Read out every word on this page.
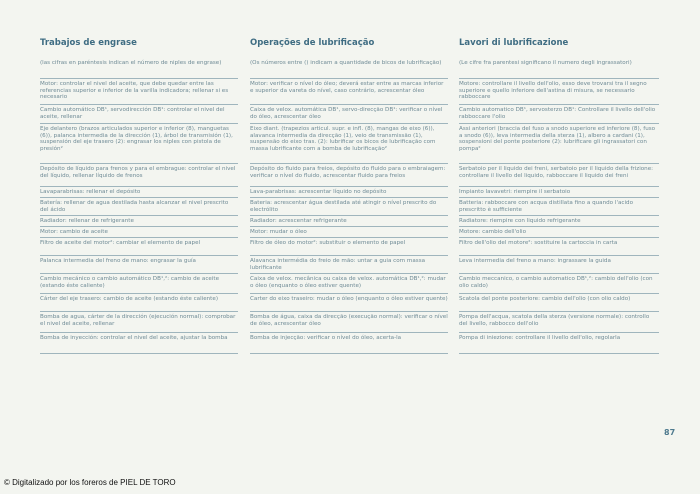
Trabajos de engrase
(las cifras en paréntesis indican el número de niples de engrase)
Motor: controlar el nivel del aceite, que debe quedar entre las referencias superior e inferior de la varilla indicadora; rellenar si es necesario
Cambio automático DB¹, servodirección DB¹: controlar el nivel del aceite, rellenar
Eje delantero (brazos articulados superior e inferior (8), manguetas (6)), palanca intermedia de la dirección (1), árbol de transmisión (1), suspensión del eje trasero (2): engrasar los niples con pistola de presión²
Depósito de líquido para frenos y para el embrague: controlar el nivel del líquido, rellenar líquido de frenos
Lavaparabrisas: rellenar el depósito
Batería: rellenar de agua destilada hasta alcanzar el nivel prescrito del ácido
Radiador: rellenar de refrigerante
Motor: cambio de aceite
Filtro de aceite del motor²: cambiar el elemento de papel
Palanca intermedia del freno de mano: engrasar la guía
Cambio mecánico o cambio automático DB¹,²: cambio de aceite (estando éste caliente)
Cárter del eje trasero: cambio de aceite (estando éste caliente)
Bomba de agua, cárter de la dirección (ejecución normal): comprobar el nivel del aceite, rellenar
Bomba de inyección: controlar el nivel del aceite, ajustar la bomba
Operações de lubrificação
(Os números entre () indicam a quantidade de bicos de lubrificação)
Motor: verificar o nível do óleo; deverá estar entre as marcas inferior e superior da vareta do nível, caso contrário, acrescentar óleo
Caixa de velox. automática DB¹, servo-direcção DB¹: verificar o nível do óleo, acrescentar óleo
Eixo diant. (trapezios articul. supr. e infl. (8), mangas de eixo (6)), alavanca intermedia da direcção (1), veio de transmissão (1), suspensão do eixo tras. (2): lubrificar os bicos de lubrificação com massa lubrificante com a bomba de lubrificação²
Depósito do fluido para freios, depósito do fluido para o embraiagem: verificar o nível do fluido, acrescentar fluido para freios
Lava-parabrisas: acrescentar líquido no depósito
Bateria: acrescentar água destilada até atingir o nível prescrito do electrólito
Radiador: acrescentar refrigerante
Motor: mudar o óleo
Filtro de óleo do motor²: substituir o elemento de papel
Alavanca intermédia do freio de mão: untar a guia com massa lubrificante
Caixa de velox. mecânica ou caixa de velox. automática DB¹,²: mudar o óleo (enquanto o óleo estiver quente)
Carter do eixo traseiro: mudar o óleo (enquanto o óleo estiver quente)
Bomba de água, caixa da direcção (execução normal): verificar o nível de óleo, acrescentar óleo
Bomba de injecção: verificar o nível do óleo, acerta-la
Lavori di lubrificazione
(Le cifre fra parentesi significano il numero degli ingrassatori)
Motore: controllare il livello dell'olio, esso deve trovarsi tra il segno superiore e quello inferiore dell'astina di misura, se necessario rabboccare
Cambio automatico DB¹, servosterzo DB¹: Controllare il livello dell'olio rabboccare l'olio
Assi anteriori (braccia del fuso a snodo superiore ed inferiore (8), fuso a snodo (6)), leva intermedia della sterza (1), albero a cardani (1), sospensioni del ponte posteriore (2): lubrificare gli ingrassatori con pompa²
Serbatoio per il liquido dei freni, serbatoio per il liquido della frizione: controllare il livello del liquido, rabboccare il liquido dei freni
Impianto lavavetri: riempire il serbatoio
Batteria: rabboccare con acqua distillata fino a quando l'acido prescritto è sufficiente
Radiatore: riempire con liquido refrigerante
Motore: cambio dell'olio
Filtro dell'olio del motore²: sostituire la cartoccia in carta
Leva intermedia del freno a mano: ingrassare la guida
Cambio meccanico, o cambio automatico DB¹,²: cambio dell'olio (con olio caldo)
Scatola del ponte posteriore: cambio dell'olio (con olio caldo)
Pompa dell'acqua, scatola della sterza (versione normale): controllo del livello, rabbocco dell'olio
Pompa di iniezione: controllare il livello dell'olio, regolarla
87
© Digitalizado por los foreros de PIEL DE TORO
